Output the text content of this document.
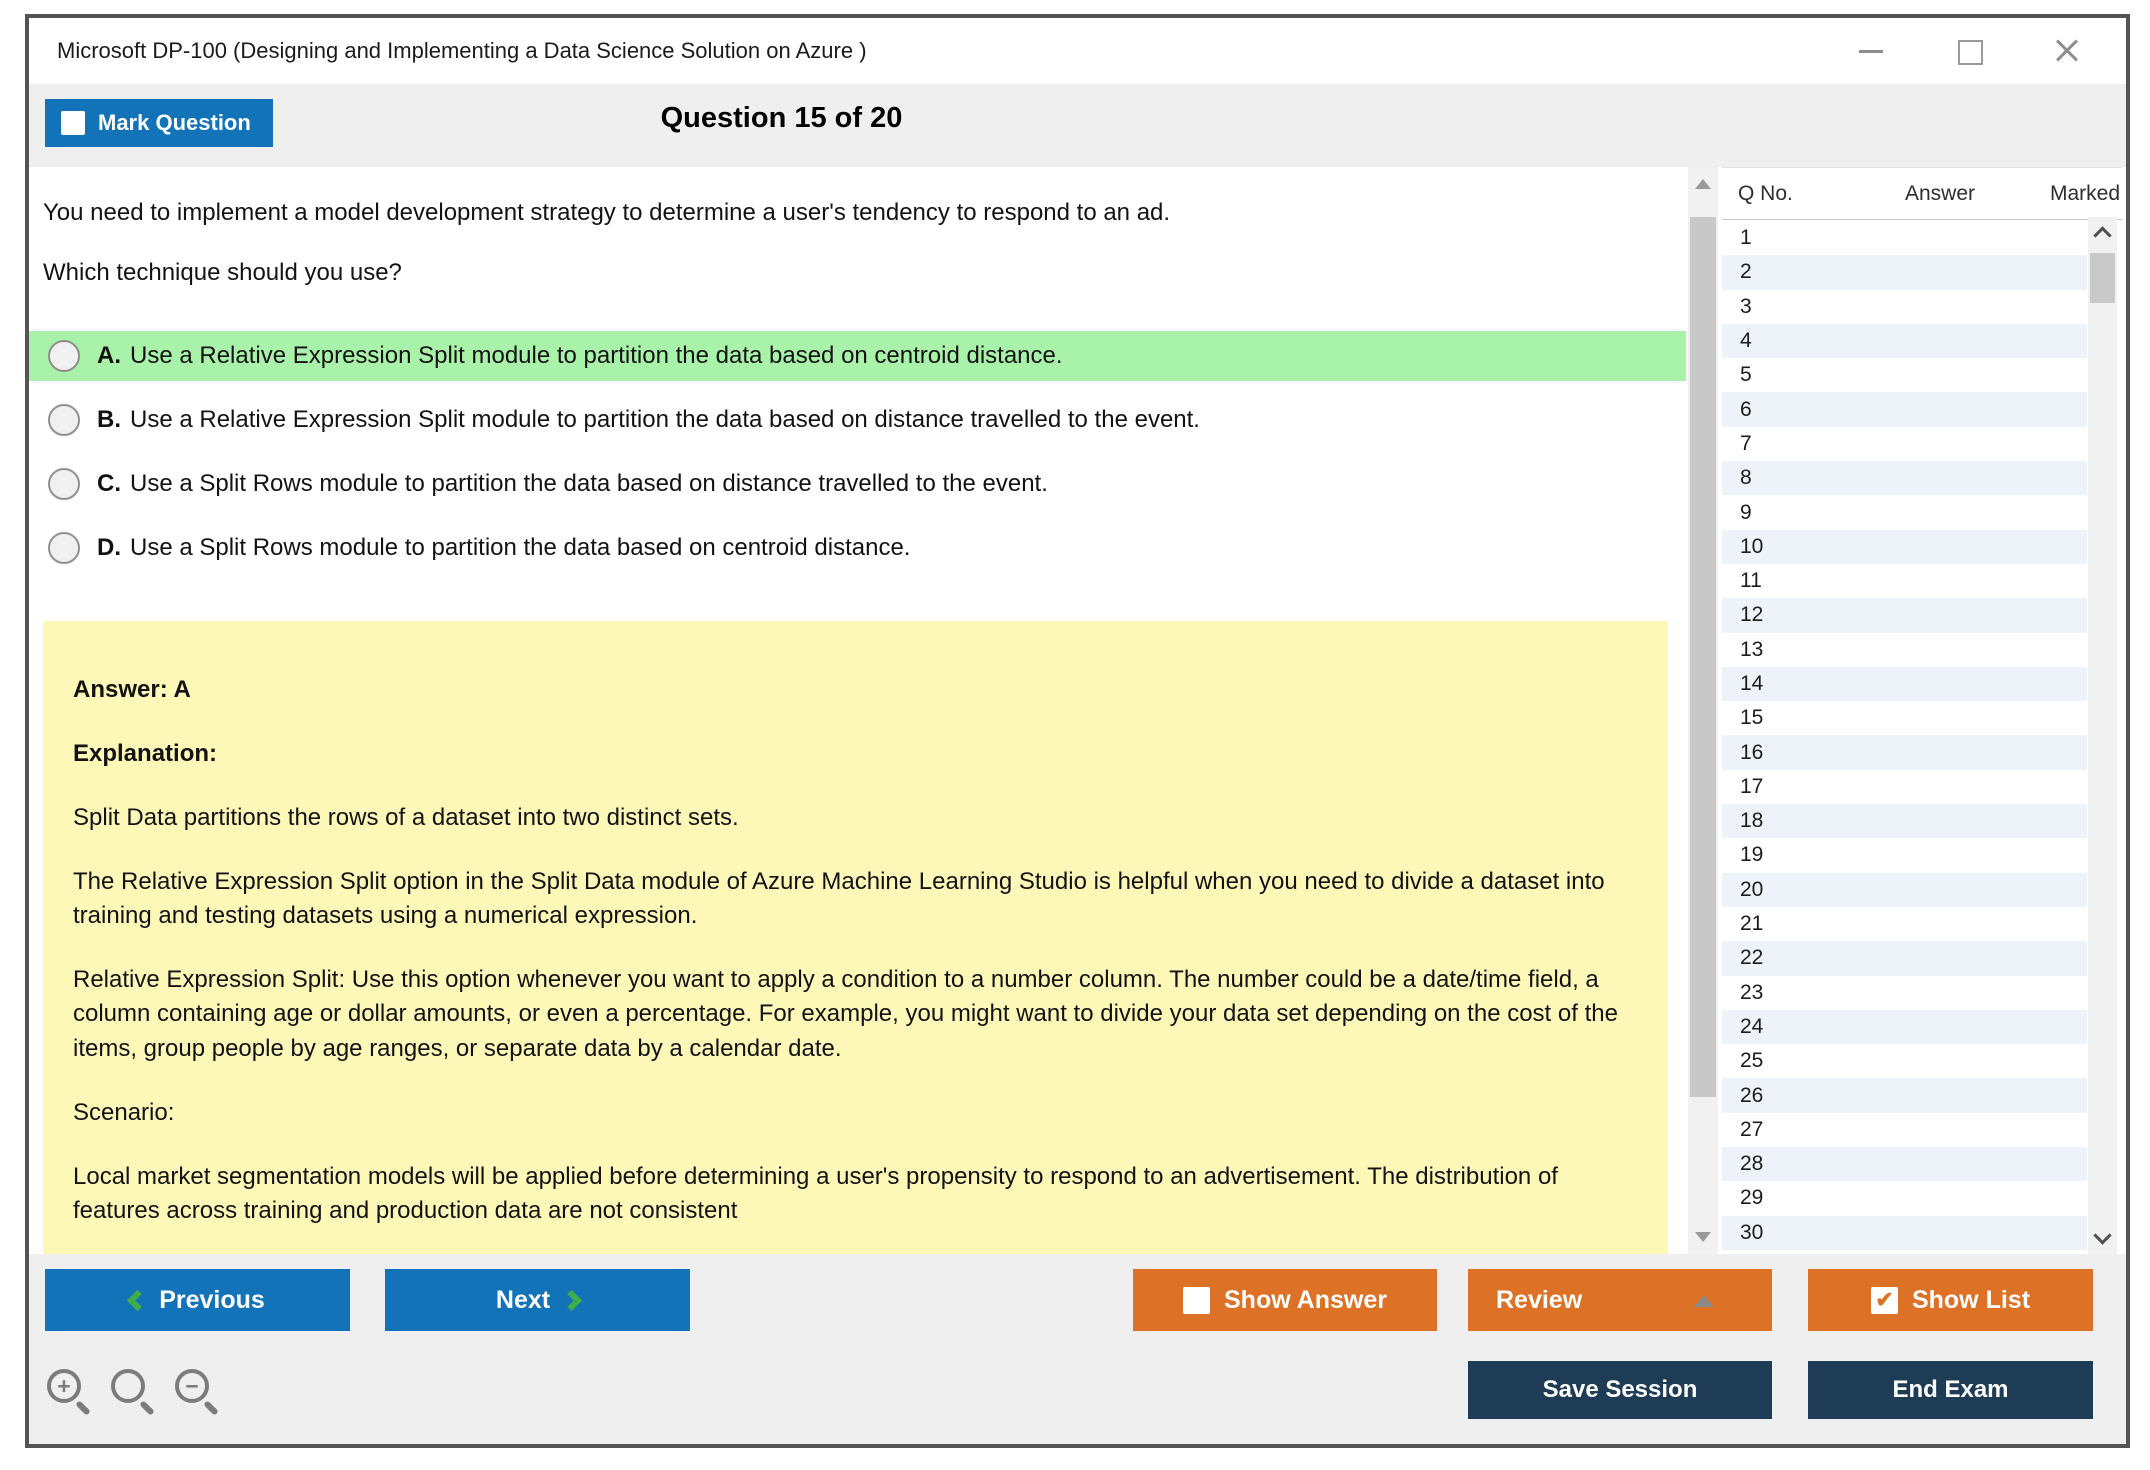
Microsoft DP-100 (Designing and Implementing a Data Science Solution on Azure )
Mark Question	Question 15 of 20

You need to implement a model development strategy to determine a user's tendency to respond to an ad.

Which technique should you use?

A. Use a Relative Expression Split module to partition the data based on centroid distance.
B. Use a Relative Expression Split module to partition the data based on distance travelled to the event.
C. Use a Split Rows module to partition the data based on distance travelled to the event.
D. Use a Split Rows module to partition the data based on centroid distance.

Answer: A

Explanation:

Split Data partitions the rows of a dataset into two distinct sets.

The Relative Expression Split option in the Split Data module of Azure Machine Learning Studio is helpful when you need to divide a dataset into training and testing datasets using a numerical expression.

Relative Expression Split: Use this option whenever you want to apply a condition to a number column. The number could be a date/time field, a column containing age or dollar amounts, or even a percentage. For example, you might want to divide your data set depending on the cost of the items, group people by age ranges, or separate data by a calendar date.

Scenario:

Local market segmentation models will be applied before determining a user's propensity to respond to an advertisement. The distribution of features across training and production data are not consistent

Q No.	Answer	Marked
1
2
3
4
5
6
7
8
9
10
11
12
13
14
15
16
17
18
19
20
21
22
23
24
25
26
27
28
29
30
Previous	Next
+	−
Show Answer	Review	✔ Show List
Save Session	End Exam
